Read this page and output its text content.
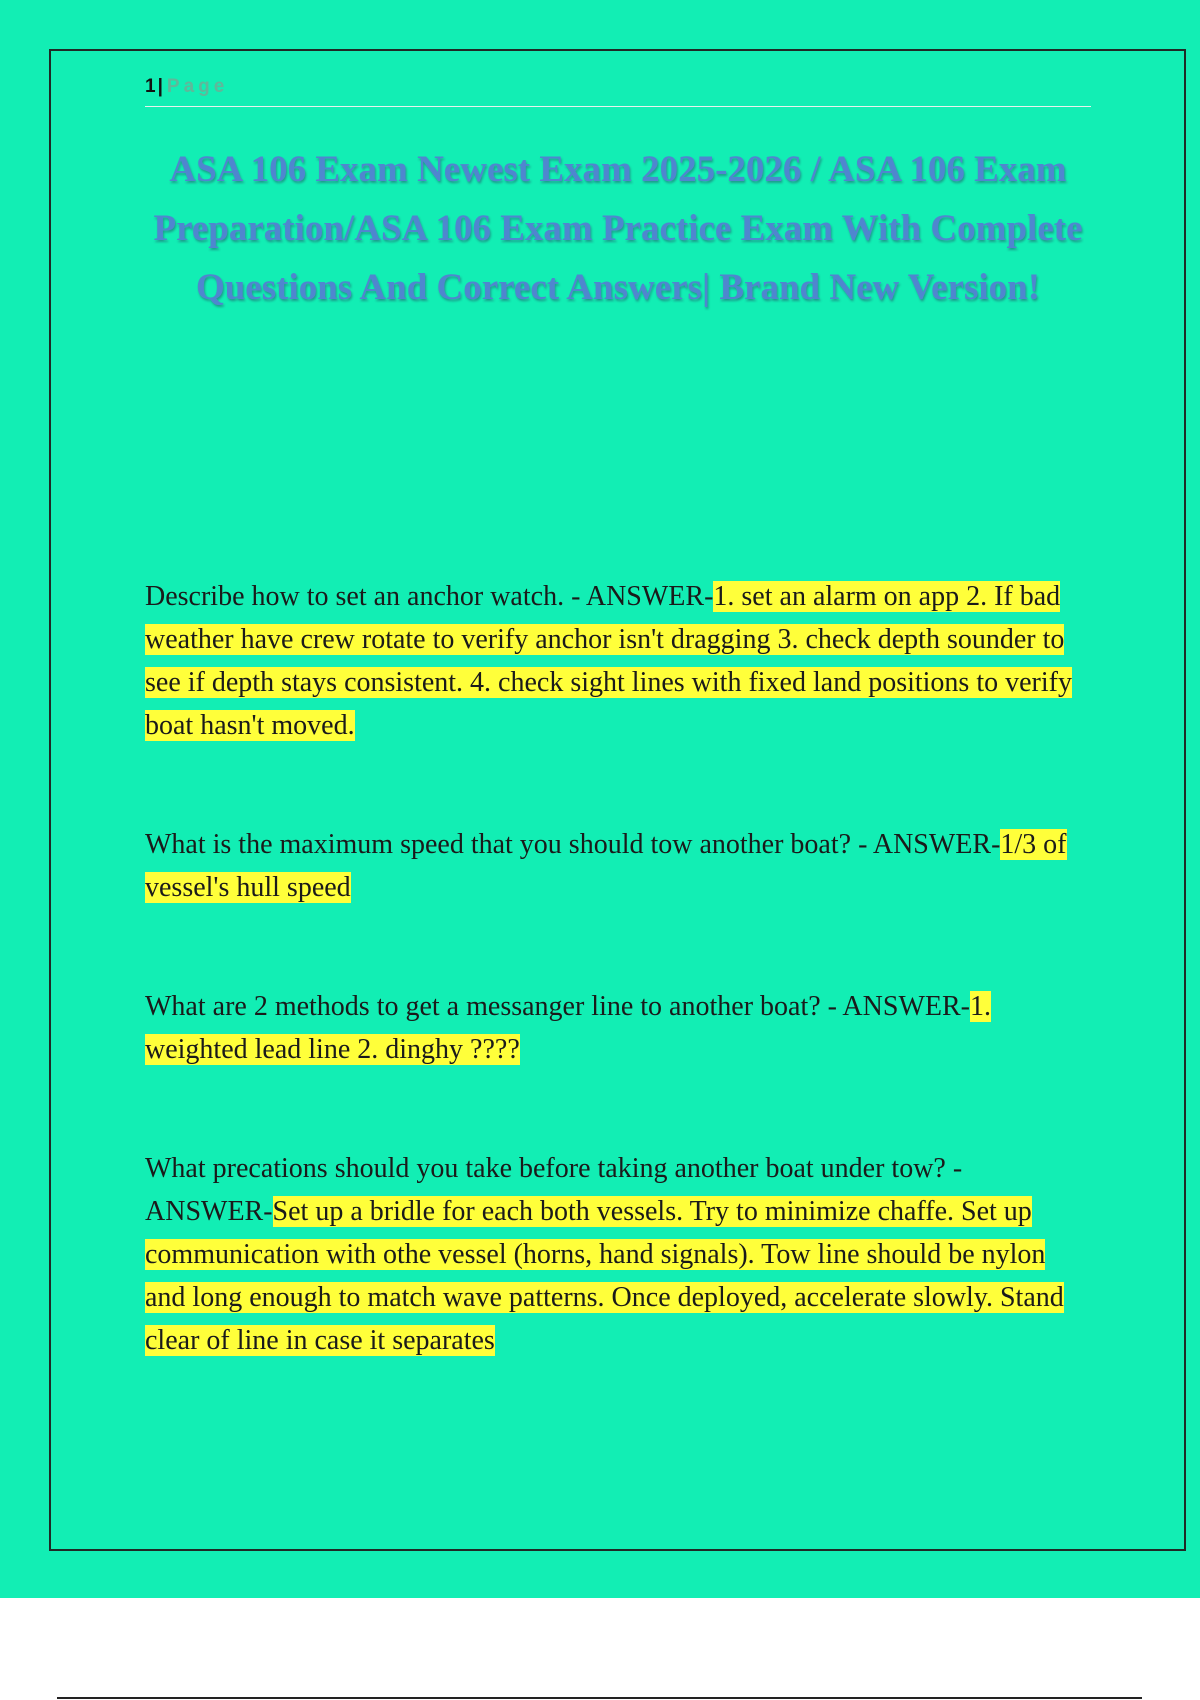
1 | Page
ASA 106 Exam Newest Exam 2025-2026 / ASA 106 Exam Preparation/ASA 106 Exam Practice Exam With Complete Questions And Correct Answers| Brand New Version!

Describe how to set an anchor watch. - ANSWER-1. set an alarm on app 2. If bad weather have crew rotate to verify anchor isn't dragging 3. check depth sounder to see if depth stays consistent. 4. check sight lines with fixed land positions to verify boat hasn't moved.

What is the maximum speed that you should tow another boat? - ANSWER-1/3 of vessel's hull speed

What are 2 methods to get a messanger line to another boat? - ANSWER-1. weighted lead line 2. dinghy ????

What precations should you take before taking another boat under tow? - ANSWER-Set up a bridle for each both vessels. Try to minimize chaffe. Set up communication with othe vessel (horns, hand signals). Tow line should be nylon and long enough to match wave patterns. Once deployed, accelerate slowly. Stand clear of line in case it separates
